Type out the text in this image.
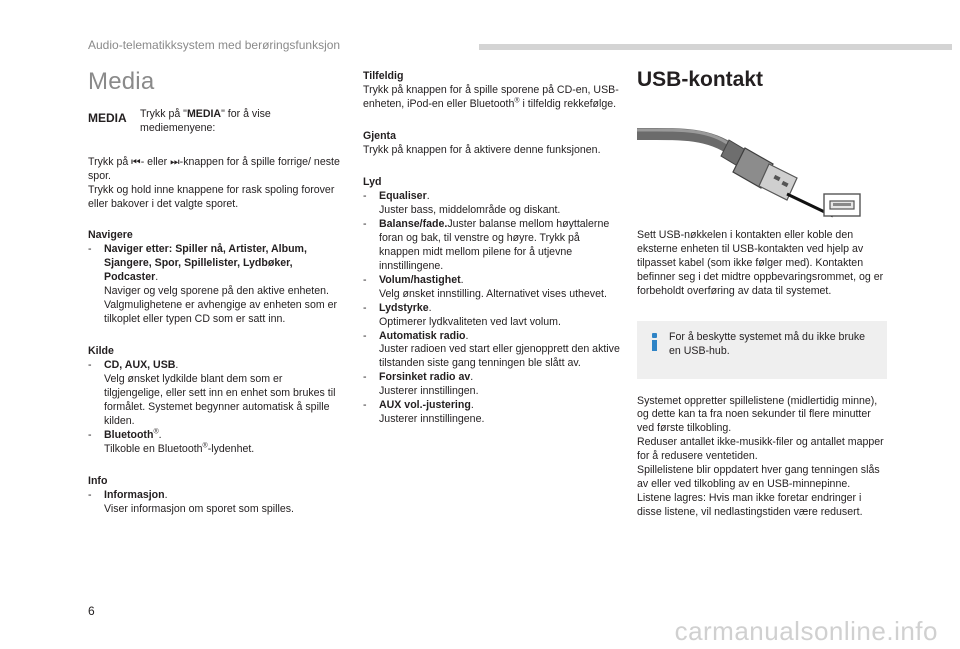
Audio-telematikksystem med berøringsfunksjon
Media
MEDIA	Trykk på "MEDIA" for å vise mediemenyene:

Trykk på ⏮- eller ⏭-knappen for å spille forrige/ neste spor.

Trykk og hold inne knappene for rask spoling forover eller bakover i det valgte sporet.

Navigere
-	Naviger etter: Spiller nå, Artister, Album, Sjangere, Spor, Spillelister, Lydbøker, Podcaster.
Naviger og velg sporene på den aktive enheten. Valgmulighetene er avhengige av enheten som er tilkoplet eller typen CD som er satt inn.
Kilde
-	CD, AUX, USB.
Velg ønsket lydkilde blant dem som er tilgjengelige, eller sett inn en enhet som brukes til formålet. Systemet begynner automatisk å spille kilden.
-	Bluetooth®.
Tilkoble en Bluetooth®-lydenhet.
Info
-	Informasjon.
Viser informasjon om sporet som spilles.
Tilfeldig

Trykk på knappen for å spille sporene på CD-en, USB-enheten, iPod-en eller Bluetooth® i tilfeldig rekkefølge.

Gjenta

Trykk på knappen for å aktivere denne funksjonen.

Lyd
-	Equaliser.
Juster bass, middelområde og diskant.
-	Balanse/fade.Juster balanse mellom høyttalerne foran og bak, til venstre og høyre. Trykk på knappen midt mellom pilene for å utjevne innstillingene.
-	Volum/hastighet.
Velg ønsket innstilling. Alternativet vises uthevet.
-	Lydstyrke.
Optimerer lydkvaliteten ved lavt volum.
-	Automatisk radio.
Juster radioen ved start eller gjenopprett den aktive tilstanden siste gang tenningen ble slått av.
-	Forsinket radio av.
Justerer innstillingen.
-	AUX vol.-justering.
Justerer innstillingene.
USB-kontakt

Sett USB-nøkkelen i kontakten eller koble den eksterne enheten til USB-kontakten ved hjelp av tilpasset kabel (som ikke følger med). Kontakten befinner seg i det midtre oppbevaringsrommet, og er forbeholdt overføring av data til systemet.

For å beskytte systemet må du ikke bruke en USB-hub.

Systemet oppretter spillelistene (midlertidig minne), og dette kan ta fra noen sekunder til flere minutter ved første tilkobling.

Reduser antallet ikke-musikk-filer og antallet mapper for å redusere ventetiden.

Spillelistene blir oppdatert hver gang tenningen slås av eller ved tilkobling av en USB-minnepinne. Listene lagres: Hvis man ikke foretar endringer i disse listene, vil nedlastingstiden være redusert.

6
carmanualsonline.info
